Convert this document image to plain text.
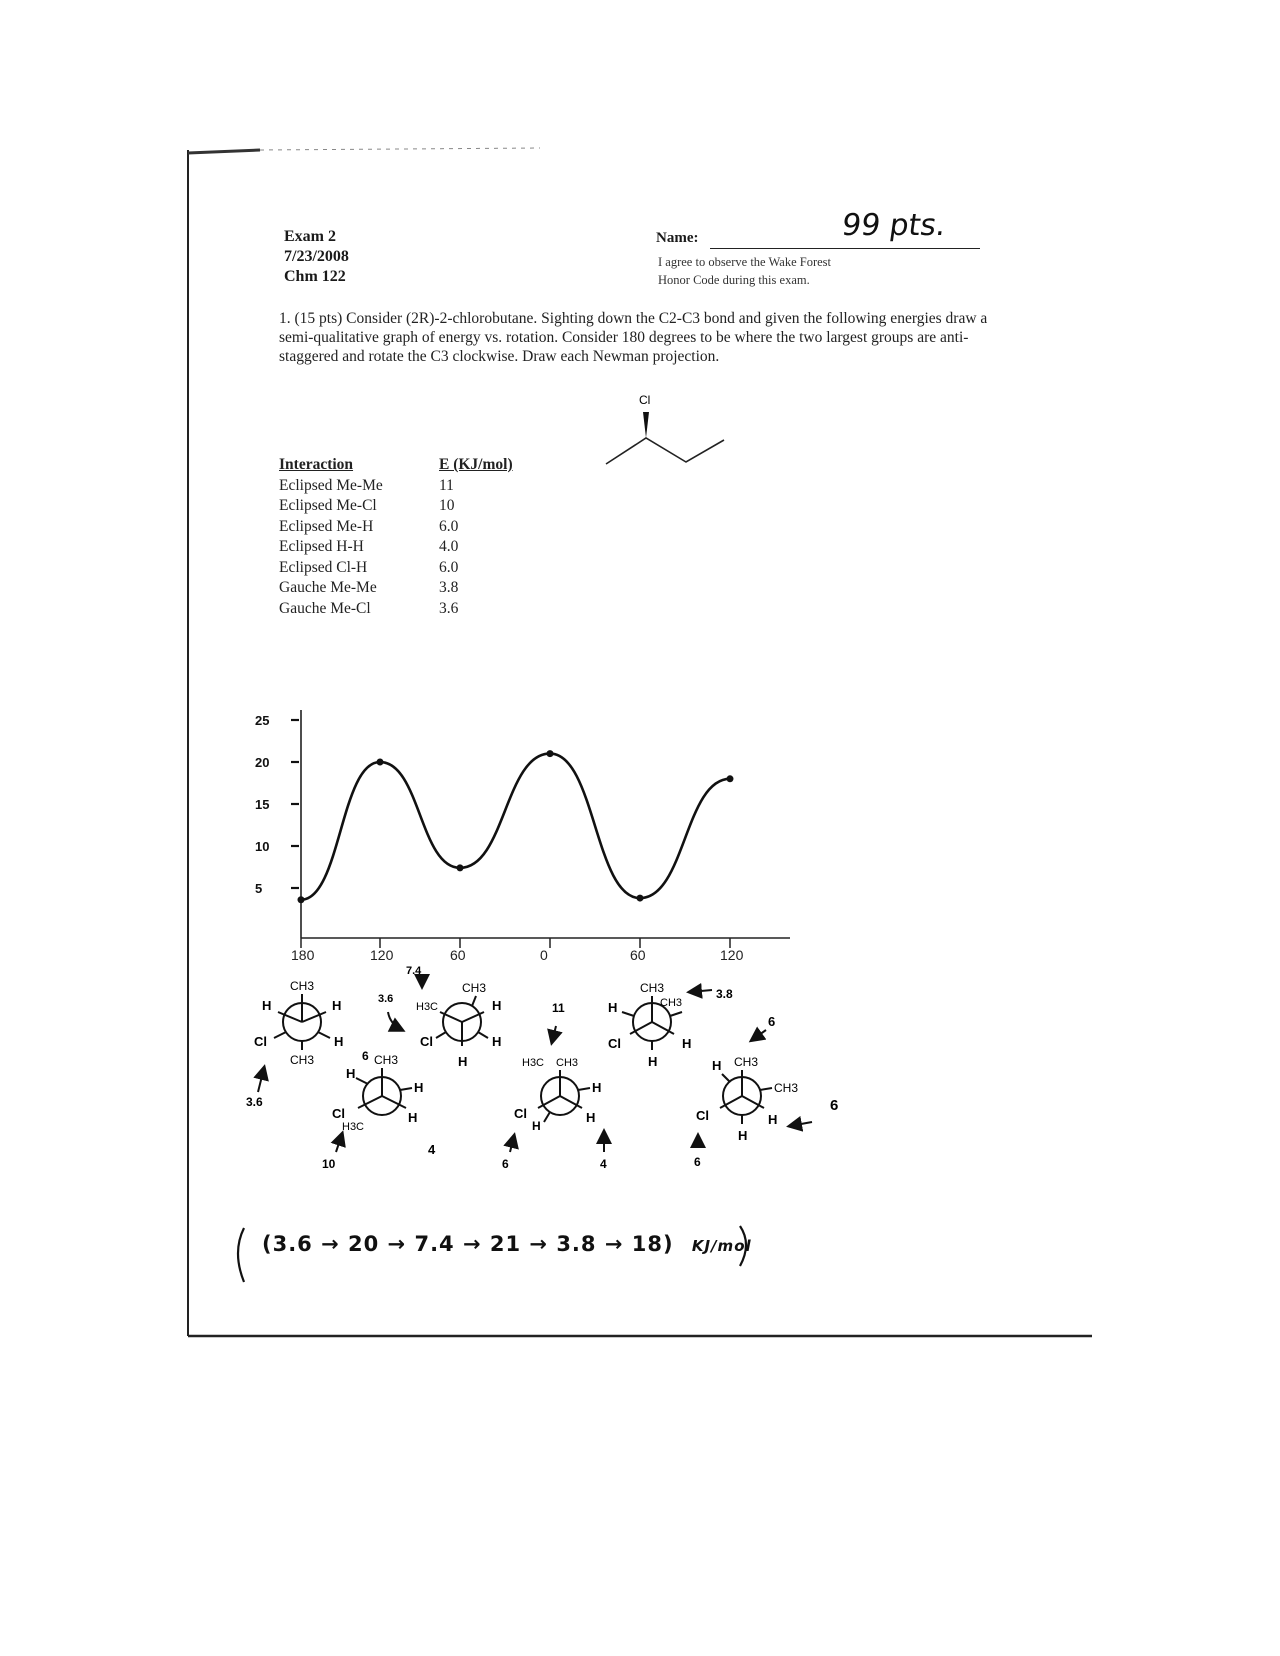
Exam 2
7/23/2008
Chm 122
Name:	99 pts.
I agree to observe the Wake Forest
Honor Code during this exam.
1. (15 pts) Consider (2R)-2-chlorobutane. Sighting down the C2-C3 bond and given the following energies draw a semi-qualitative graph of energy vs. rotation. Consider 180 degrees to be where the two largest groups are anti-staggered and rotate the C3 clockwise. Draw each Newman projection.
Cl
Interaction	E (KJ/mol)
Eclipsed Me-Me	11
Eclipsed Me-Cl	10
Eclipsed Me-H	6.0
Eclipsed H-H	4.0
Eclipsed Cl-H	6.0
Gauche Me-Me	3.8
Gauche Me-Cl	3.6
25
20
15
10
5
180	120	60	0	60	120
CH3
H	H
Cl	H
CH3
3.6
6 CH3
H
Cl
H3C
H
H
4
10
CH3
H3C	H
Cl	H
H
7.4
3.6
H3C CH3
Cl
H
H
H
6	4
11
CH3
CH3
H
Cl	H
H
3.8
CH3
H
CH3
Cl	H
H
6
6
6
(3.6 → 20 → 7.4 → 21 → 3.8 → 18) KJ/mol
